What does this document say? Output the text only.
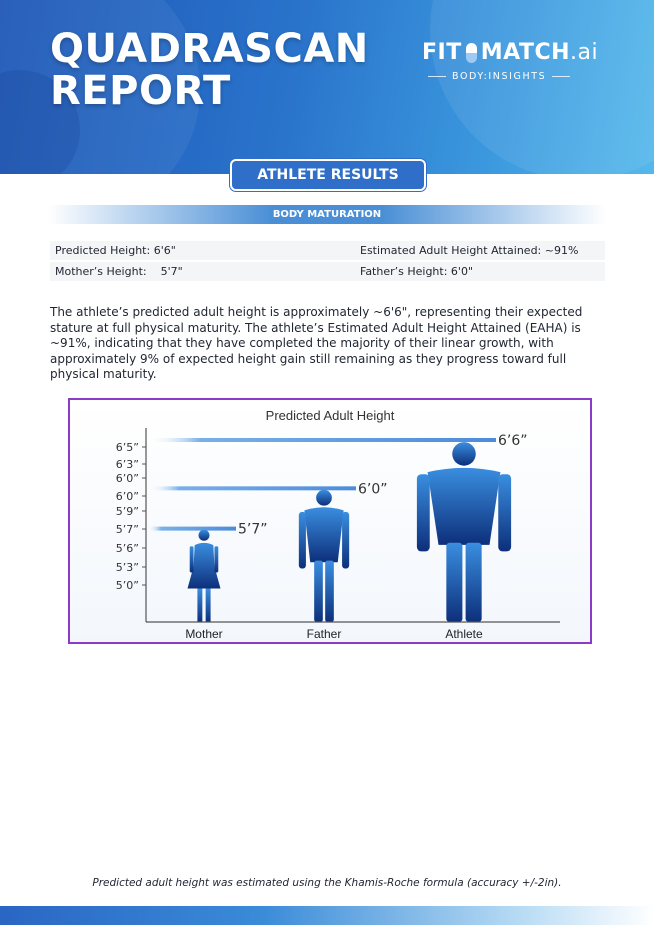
QUADRASCAN
REPORT
FIT MATCH .ai
BODY:INSIGHTS
ATHLETE RESULTS
BODY MATURATION
Predicted Height: 6'6"	Estimated Adult Height Attained: ~91%
Mother’s Height:    5'7"	Father’s Height: 6'0"
The athlete’s predicted adult height is approximately ~6'6", representing their expected stature at full physical maturity. The athlete’s Estimated Adult Height Attained (EAHA) is ~91%, indicating that they have completed the majority of their linear growth, with approximately 9% of expected height gain still remaining as they progress toward full physical maturity.
Predicted Adult Height
5’0”
5’3”
5’6”
5’7”
5’9”
6’0”
6’0”
6’3”
6’5”
5’7”
Mother
6’0”
Father
6’6”
Athlete
Predicted adult height was estimated using the Khamis-Roche formula (accuracy +/-2in).
